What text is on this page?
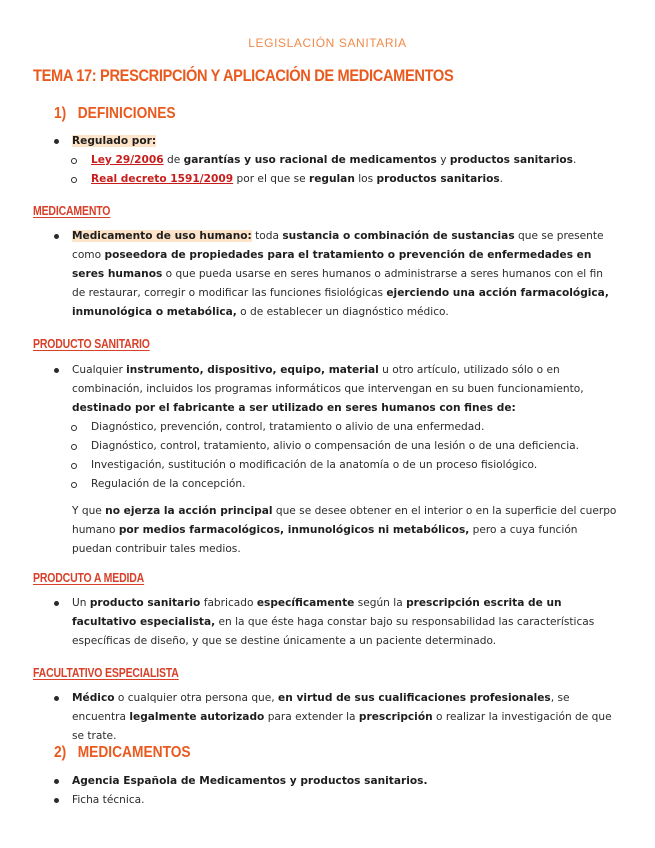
LEGISLACIÓN SANITARIA
TEMA 17: PRESCRIPCIÓN Y APLICACIÓN DE MEDICAMENTOS
1) DEFINICIONES
Regulado por:
Ley 29/2006 de garantías y uso racional de medicamentos y productos sanitarios.
Real decreto 1591/2009 por el que se regulan los productos sanitarios.
MEDICAMENTO
Medicamento de uso humano: toda sustancia o combinación de sustancias que se presente como poseedora de propiedades para el tratamiento o prevención de enfermedades en seres humanos o que pueda usarse en seres humanos o administrarse a seres humanos con el fin de restaurar, corregir o modificar las funciones fisiológicas ejerciendo una acción farmacológica, inmunológica o metabólica, o de establecer un diagnóstico médico.
PRODUCTO SANITARIO
Cualquier instrumento, dispositivo, equipo, material u otro artículo, utilizado sólo o en combinación, incluidos los programas informáticos que intervengan en su buen funcionamiento, destinado por el fabricante a ser utilizado en seres humanos con fines de:
Diagnóstico, prevención, control, tratamiento o alivio de una enfermedad.
Diagnóstico, control, tratamiento, alivio o compensación de una lesión o de una deficiencia.
Investigación, sustitución o modificación de la anatomía o de un proceso fisiológico.
Regulación de la concepción.
Y que no ejerza la acción principal que se desee obtener en el interior o en la superficie del cuerpo humano por medios farmacológicos, inmunológicos ni metabólicos, pero a cuya función puedan contribuir tales medios.
PRODCUTO A MEDIDA
Un producto sanitario fabricado específicamente según la prescripción escrita de un facultativo especialista, en la que éste haga constar bajo su responsabilidad las características específicas de diseño, y que se destine únicamente a un paciente determinado.
FACULTATIVO ESPECIALISTA
Médico o cualquier otra persona que, en virtud de sus cualificaciones profesionales, se encuentra legalmente autorizado para extender la prescripción o realizar la investigación de que se trate.
2) MEDICAMENTOS
Agencia Española de Medicamentos y productos sanitarios.
Ficha técnica.
